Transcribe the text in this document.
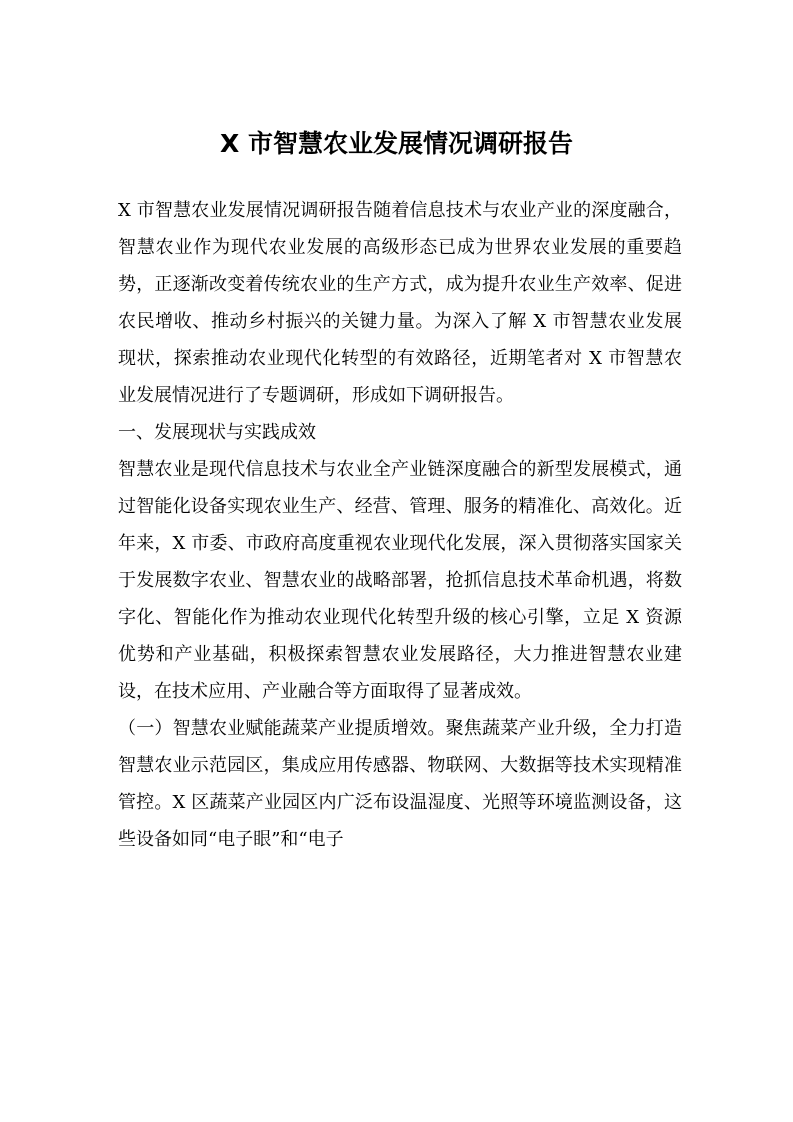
X 市智慧农业发展情况调研报告

X 市智慧农业发展情况调研报告随着信息技术与农业产业的深度融合，智慧农业作为现代农业发展的高级形态已成为世界农业发展的重要趋势，正逐渐改变着传统农业的生产方式，成为提升农业生产效率、促进农民增收、推动乡村振兴的关键力量。为深入了解 X 市智慧农业发展现状，探索推动农业现代化转型的有效路径，近期笔者对 X 市智慧农业发展情况进行了专题调研，形成如下调研报告。

一、发展现状与实践成效

智慧农业是现代信息技术与农业全产业链深度融合的新型发展模式，通过智能化设备实现农业生产、经营、管理、服务的精准化、高效化。近年来，X 市委、市政府高度重视农业现代化发展，深入贯彻落实国家关于发展数字农业、智慧农业的战略部署，抢抓信息技术革命机遇，将数字化、智能化作为推动农业现代化转型升级的核心引擎，立足 X 资源优势和产业基础，积极探索智慧农业发展路径，大力推进智慧农业建设，在技术应用、产业融合等方面取得了显著成效。

（一）智慧农业赋能蔬菜产业提质增效。聚焦蔬菜产业升级，全力打造智慧农业示范园区，集成应用传感器、物联网、大数据等技术实现精准管控。X 区蔬菜产业园区内广泛布设温湿度、光照等环境监测设备，这些设备如同“电子眼”和“电子
